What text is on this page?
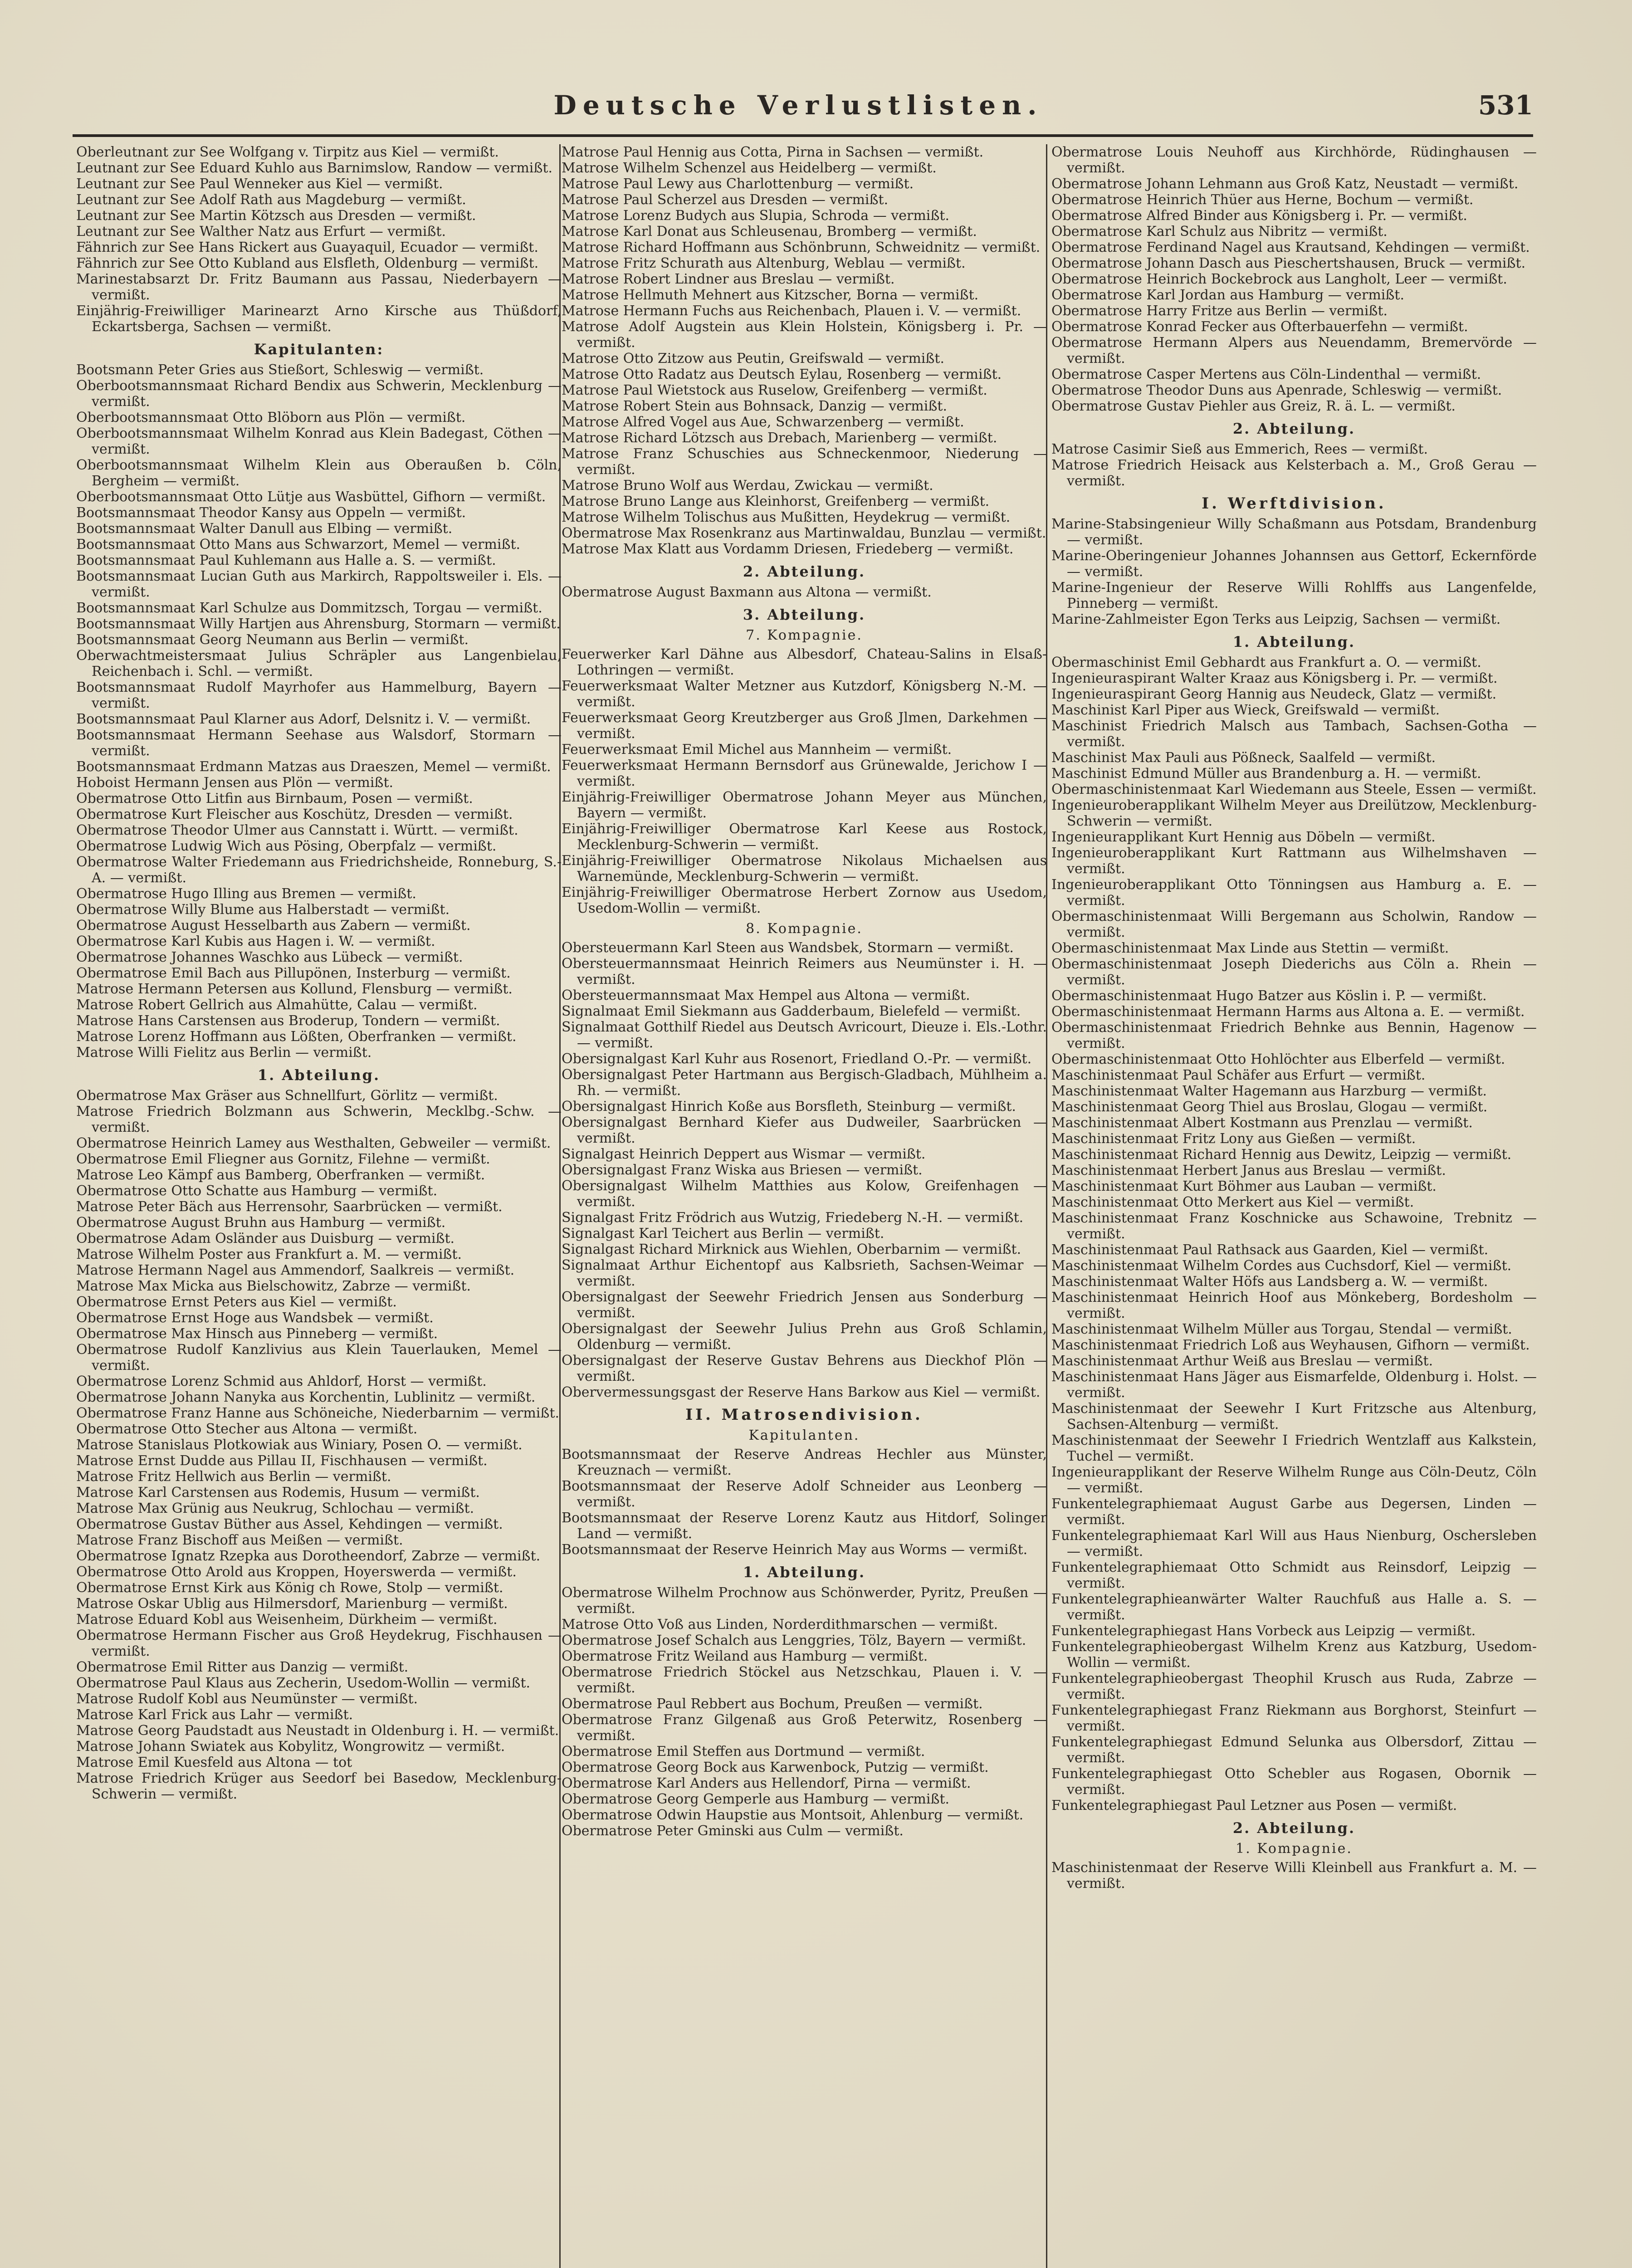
Deutsche Verlustlisten.	531

Oberleutnant zur See Wolfgang v. Tirpitz aus Kiel — vermißt.

Leutnant zur See Eduard Kuhlo aus Barnimslow, Randow — vermißt.

Leutnant zur See Paul Wenneker aus Kiel — vermißt.

Leutnant zur See Adolf Rath aus Magdeburg — vermißt.

Leutnant zur See Martin Kötzsch aus Dresden — vermißt.

Leutnant zur See Walther Natz aus Erfurt — vermißt.

Fähnrich zur See Hans Rickert aus Guayaquil, Ecuador — vermißt.

Fähnrich zur See Otto Kubland aus Elsfleth, Oldenburg — vermißt.

Marinestabsarzt Dr. Fritz Baumann aus Passau, Niederbayern — vermißt.

Einjährig-Freiwilliger Marinearzt Arno Kirsche aus Thüßdorf, Eckartsberga, Sachsen — vermißt.

Kapitulanten:

Bootsmann Peter Gries aus Stießort, Schleswig — vermißt.

Oberbootsmannsmaat Richard Bendix aus Schwerin, Mecklenburg — vermißt.

Oberbootsmannsmaat Otto Blöborn aus Plön — vermißt.

Oberbootsmannsmaat Wilhelm Konrad aus Klein Badegast, Cöthen — vermißt.

Oberbootsmannsmaat Wilhelm Klein aus Oberaußen b. Cöln, Bergheim — vermißt.

Oberbootsmannsmaat Otto Lütje aus Wasbüttel, Gifhorn — vermißt.

Bootsmannsmaat Theodor Kansy aus Oppeln — vermißt.

Bootsmannsmaat Walter Danull aus Elbing — vermißt.

Bootsmannsmaat Otto Mans aus Schwarzort, Memel — vermißt.

Bootsmannsmaat Paul Kuhlemann aus Halle a. S. — vermißt.

Bootsmannsmaat Lucian Guth aus Markirch, Rappoltsweiler i. Els. — vermißt.

Bootsmannsmaat Karl Schulze aus Dommitzsch, Torgau — vermißt.

Bootsmannsmaat Willy Hartjen aus Ahrensburg, Stormarn — vermißt.

Bootsmannsmaat Georg Neumann aus Berlin — vermißt.

Oberwachtmeistersmaat Julius Schräpler aus Langenbielau, Reichenbach i. Schl. — vermißt.

Bootsmannsmaat Rudolf Mayrhofer aus Hammelburg, Bayern — vermißt.

Bootsmannsmaat Paul Klarner aus Adorf, Delsnitz i. V. — vermißt.

Bootsmannsmaat Hermann Seehase aus Walsdorf, Stormarn — vermißt.

Bootsmannsmaat Erdmann Matzas aus Draeszen, Memel — vermißt.

Hoboist Hermann Jensen aus Plön — vermißt.

Obermatrose Otto Litfin aus Birnbaum, Posen — vermißt.

Obermatrose Kurt Fleischer aus Koschütz, Dresden — vermißt.

Obermatrose Theodor Ulmer aus Cannstatt i. Württ. — vermißt.

Obermatrose Ludwig Wich aus Pösing, Oberpfalz — vermißt.

Obermatrose Walter Friedemann aus Friedrichsheide, Ronneburg, S.-A. — vermißt.

Obermatrose Hugo Illing aus Bremen — vermißt.

Obermatrose Willy Blume aus Halberstadt — vermißt.

Obermatrose August Hesselbarth aus Zabern — vermißt.

Obermatrose Karl Kubis aus Hagen i. W. — vermißt.

Obermatrose Johannes Waschko aus Lübeck — vermißt.

Obermatrose Emil Bach aus Pillupönen, Insterburg — vermißt.

Matrose Hermann Petersen aus Kollund, Flensburg — vermißt.

Matrose Robert Gellrich aus Almahütte, Calau — vermißt.

Matrose Hans Carstensen aus Broderup, Tondern — vermißt.

Matrose Lorenz Hoffmann aus Lößten, Oberfranken — vermißt.

Matrose Willi Fielitz aus Berlin — vermißt.

1. Abteilung.

Obermatrose Max Gräser aus Schnellfurt, Görlitz — vermißt.

Matrose Friedrich Bolzmann aus Schwerin, Mecklbg.-Schw. — vermißt.

Obermatrose Heinrich Lamey aus Westhalten, Gebweiler — vermißt.

Obermatrose Emil Fliegner aus Gornitz, Filehne — vermißt.

Matrose Leo Kämpf aus Bamberg, Oberfranken — vermißt.

Obermatrose Otto Schatte aus Hamburg — vermißt.

Matrose Peter Bäch aus Herrensohr, Saarbrücken — vermißt.

Obermatrose August Bruhn aus Hamburg — vermißt.

Obermatrose Adam Osländer aus Duisburg — vermißt.

Matrose Wilhelm Poster aus Frankfurt a. M. — vermißt.

Matrose Hermann Nagel aus Ammendorf, Saalkreis — vermißt.

Matrose Max Micka aus Bielschowitz, Zabrze — vermißt.

Obermatrose Ernst Peters aus Kiel — vermißt.

Obermatrose Ernst Hoge aus Wandsbek — vermißt.

Obermatrose Max Hinsch aus Pinneberg — vermißt.

Obermatrose Rudolf Kanzlivius aus Klein Tauerlauken, Memel — vermißt.

Obermatrose Lorenz Schmid aus Ahldorf, Horst — vermißt.

Obermatrose Johann Nanyka aus Korchentin, Lublinitz — vermißt.

Obermatrose Franz Hanne aus Schöneiche, Niederbarnim — vermißt.

Obermatrose Otto Stecher aus Altona — vermißt.

Matrose Stanislaus Plotkowiak aus Winiary, Posen O. — vermißt.

Matrose Ernst Dudde aus Pillau II, Fischhausen — vermißt.

Matrose Fritz Hellwich aus Berlin — vermißt.

Matrose Karl Carstensen aus Rodemis, Husum — vermißt.

Matrose Max Grünig aus Neukrug, Schlochau — vermißt.

Obermatrose Gustav Büther aus Assel, Kehdingen — vermißt.

Matrose Franz Bischoff aus Meißen — vermißt.

Obermatrose Ignatz Rzepka aus Dorotheendorf, Zabrze — vermißt.

Obermatrose Otto Arold aus Kroppen, Hoyerswerda — vermißt.

Obermatrose Ernst Kirk aus König ch Rowe, Stolp — vermißt.

Matrose Oskar Ublig aus Hilmersdorf, Marienburg — vermißt.

Matrose Eduard Kobl aus Weisenheim, Dürkheim — vermißt.

Obermatrose Hermann Fischer aus Groß Heydekrug, Fischhausen — vermißt.

Obermatrose Emil Ritter aus Danzig — vermißt.

Obermatrose Paul Klaus aus Zecherin, Usedom-Wollin — vermißt.

Matrose Rudolf Kobl aus Neumünster — vermißt.

Matrose Karl Frick aus Lahr — vermißt.

Matrose Georg Paudstadt aus Neustadt in Oldenburg i. H. — vermißt.

Matrose Johann Swiatek aus Kobylitz, Wongrowitz — vermißt.

Matrose Emil Kuesfeld aus Altona — tot

Matrose Friedrich Krüger aus Seedorf bei Basedow, Mecklenburg-Schwerin — vermißt.

Matrose Paul Hennig aus Cotta, Pirna in Sachsen — vermißt.

Matrose Wilhelm Schenzel aus Heidelberg — vermißt.

Matrose Paul Lewy aus Charlottenburg — vermißt.

Matrose Paul Scherzel aus Dresden — vermißt.

Matrose Lorenz Budych aus Slupia, Schroda — vermißt.

Matrose Karl Donat aus Schleusenau, Bromberg — vermißt.

Matrose Richard Hoffmann aus Schönbrunn, Schweidnitz — vermißt.

Matrose Fritz Schurath aus Altenburg, Weblau — vermißt.

Matrose Robert Lindner aus Breslau — vermißt.

Matrose Hellmuth Mehnert aus Kitzscher, Borna — vermißt.

Matrose Hermann Fuchs aus Reichenbach, Plauen i. V. — vermißt.

Matrose Adolf Augstein aus Klein Holstein, Königsberg i. Pr. — vermißt.

Matrose Otto Zitzow aus Peutin, Greifswald — vermißt.

Matrose Otto Radatz aus Deutsch Eylau, Rosenberg — vermißt.

Matrose Paul Wietstock aus Ruselow, Greifenberg — vermißt.

Matrose Robert Stein aus Bohnsack, Danzig — vermißt.

Matrose Alfred Vogel aus Aue, Schwarzenberg — vermißt.

Matrose Richard Lötzsch aus Drebach, Marienberg — vermißt.

Matrose Franz Schuschies aus Schneckenmoor, Niederung — vermißt.

Matrose Bruno Wolf aus Werdau, Zwickau — vermißt.

Matrose Bruno Lange aus Kleinhorst, Greifenberg — vermißt.

Matrose Wilhelm Tolischus aus Mußitten, Heydekrug — vermißt.

Obermatrose Max Rosenkranz aus Martinwaldau, Bunzlau — vermißt.

Matrose Max Klatt aus Vordamm Driesen, Friedeberg — vermißt.

2. Abteilung.

Obermatrose August Baxmann aus Altona — vermißt.

3. Abteilung.
7. Kompagnie.

Feuerwerker Karl Dähne aus Albesdorf, Chateau-Salins in Elsaß-Lothringen — vermißt.

Feuerwerksmaat Walter Metzner aus Kutzdorf, Königsberg N.-M. — vermißt.

Feuerwerksmaat Georg Kreutzberger aus Groß Jlmen, Darkehmen — vermißt.

Feuerwerksmaat Emil Michel aus Mannheim — vermißt.

Feuerwerksmaat Hermann Bernsdorf aus Grünewalde, Jerichow I — vermißt.

Einjährig-Freiwilliger Obermatrose Johann Meyer aus München, Bayern — vermißt.

Einjährig-Freiwilliger Obermatrose Karl Keese aus Rostock, Mecklenburg-Schwerin — vermißt.

Einjährig-Freiwilliger Obermatrose Nikolaus Michaelsen aus Warnemünde, Mecklenburg-Schwerin — vermißt.

Einjährig-Freiwilliger Obermatrose Herbert Zornow aus Usedom, Usedom-Wollin — vermißt.

8. Kompagnie.

Obersteuermann Karl Steen aus Wandsbek, Stormarn — vermißt.

Obersteuermannsmaat Heinrich Reimers aus Neumünster i. H. — vermißt.

Obersteuermannsmaat Max Hempel aus Altona — vermißt.

Signalmaat Emil Siekmann aus Gadderbaum, Bielefeld — vermißt.

Signalmaat Gotthilf Riedel aus Deutsch Avricourt, Dieuze i. Els.-Lothr. — vermißt.

Obersignalgast Karl Kuhr aus Rosenort, Friedland O.-Pr. — vermißt.

Obersignalgast Peter Hartmann aus Bergisch-Gladbach, Mühlheim a. Rh. — vermißt.

Obersignalgast Hinrich Koße aus Borsfleth, Steinburg — vermißt.

Obersignalgast Bernhard Kiefer aus Dudweiler, Saarbrücken — vermißt.

Signalgast Heinrich Deppert aus Wismar — vermißt.

Obersignalgast Franz Wiska aus Briesen — vermißt.

Obersignalgast Wilhelm Matthies aus Kolow, Greifenhagen — vermißt.

Signalgast Fritz Frödrich aus Wutzig, Friedeberg N.-H. — vermißt.

Signalgast Karl Teichert aus Berlin — vermißt.

Signalgast Richard Mirknick aus Wiehlen, Oberbarnim — vermißt.

Signalmaat Arthur Eichentopf aus Kalbsrieth, Sachsen-Weimar — vermißt.

Obersignalgast der Seewehr Friedrich Jensen aus Sonderburg — vermißt.

Obersignalgast der Seewehr Julius Prehn aus Groß Schlamin, Oldenburg — vermißt.

Obersignalgast der Reserve Gustav Behrens aus Dieckhof Plön — vermißt.

Obervermessungsgast der Reserve Hans Barkow aus Kiel — vermißt.

II. Matrosendivision.
Kapitulanten.

Bootsmannsmaat der Reserve Andreas Hechler aus Münster, Kreuznach — vermißt.

Bootsmannsmaat der Reserve Adolf Schneider aus Leonberg — vermißt.

Bootsmannsmaat der Reserve Lorenz Kautz aus Hitdorf, Solinger Land — vermißt.

Bootsmannsmaat der Reserve Heinrich May aus Worms — vermißt.

1. Abteilung.

Obermatrose Wilhelm Prochnow aus Schönwerder, Pyritz, Preußen — vermißt.

Matrose Otto Voß aus Linden, Norderdithmarschen — vermißt.

Obermatrose Josef Schalch aus Lenggries, Tölz, Bayern — vermißt.

Obermatrose Fritz Weiland aus Hamburg — vermißt.

Obermatrose Friedrich Stöckel aus Netzschkau, Plauen i. V. — vermißt.

Obermatrose Paul Rebbert aus Bochum, Preußen — vermißt.

Obermatrose Franz Gilgenaß aus Groß Peterwitz, Rosenberg — vermißt.

Obermatrose Emil Steffen aus Dortmund — vermißt.

Obermatrose Georg Bock aus Karwenbock, Putzig — vermißt.

Obermatrose Karl Anders aus Hellendorf, Pirna — vermißt.

Obermatrose Georg Gemperle aus Hamburg — vermißt.

Obermatrose Odwin Haupstie aus Montsoit, Ahlenburg — vermißt.

Obermatrose Peter Gminski aus Culm — vermißt.

Obermatrose Louis Neuhoff aus Kirchhörde, Rüdinghausen — vermißt.

Obermatrose Johann Lehmann aus Groß Katz, Neustadt — vermißt.

Obermatrose Heinrich Thüer aus Herne, Bochum — vermißt.

Obermatrose Alfred Binder aus Königsberg i. Pr. — vermißt.

Obermatrose Karl Schulz aus Nibritz — vermißt.

Obermatrose Ferdinand Nagel aus Krautsand, Kehdingen — vermißt.

Obermatrose Johann Dasch aus Pieschertshausen, Bruck — vermißt.

Obermatrose Heinrich Bockebrock aus Langholt, Leer — vermißt.

Obermatrose Karl Jordan aus Hamburg — vermißt.

Obermatrose Harry Fritze aus Berlin — vermißt.

Obermatrose Konrad Fecker aus Ofterbauerfehn — vermißt.

Obermatrose Hermann Alpers aus Neuendamm, Bremervörde — vermißt.

Obermatrose Casper Mertens aus Cöln-Lindenthal — vermißt.

Obermatrose Theodor Duns aus Apenrade, Schleswig — vermißt.

Obermatrose Gustav Piehler aus Greiz, R. ä. L. — vermißt.

2. Abteilung.

Matrose Casimir Sieß aus Emmerich, Rees — vermißt.

Matrose Friedrich Heisack aus Kelsterbach a. M., Groß Gerau — vermißt.

I. Werftdivision.

Marine-Stabsingenieur Willy Schaßmann aus Potsdam, Brandenburg — vermißt.

Marine-Oberingenieur Johannes Johannsen aus Gettorf, Eckernförde — vermißt.

Marine-Ingenieur der Reserve Willi Rohlffs aus Langenfelde, Pinneberg — vermißt.

Marine-Zahlmeister Egon Terks aus Leipzig, Sachsen — vermißt.

1. Abteilung.

Obermaschinist Emil Gebhardt aus Frankfurt a. O. — vermißt.

Ingenieuraspirant Walter Kraaz aus Königsberg i. Pr. — vermißt.

Ingenieuraspirant Georg Hannig aus Neudeck, Glatz — vermißt.

Maschinist Karl Piper aus Wieck, Greifswald — vermißt.

Maschinist Friedrich Malsch aus Tambach, Sachsen-Gotha — vermißt.

Maschinist Max Pauli aus Pößneck, Saalfeld — vermißt.

Maschinist Edmund Müller aus Brandenburg a. H. — vermißt.

Obermaschinistenmaat Karl Wiedemann aus Steele, Essen — vermißt.

Ingenieuroberapplikant Wilhelm Meyer aus Dreilützow, Mecklenburg-Schwerin — vermißt.

Ingenieurapplikant Kurt Hennig aus Döbeln — vermißt.

Ingenieuroberapplikant Kurt Rattmann aus Wilhelmshaven — vermißt.

Ingenieuroberapplikant Otto Tönningsen aus Hamburg a. E. — vermißt.

Obermaschinistenmaat Willi Bergemann aus Scholwin, Randow — vermißt.

Obermaschinistenmaat Max Linde aus Stettin — vermißt.

Obermaschinistenmaat Joseph Diederichs aus Cöln a. Rhein — vermißt.

Obermaschinistenmaat Hugo Batzer aus Köslin i. P. — vermißt.

Obermaschinistenmaat Hermann Harms aus Altona a. E. — vermißt.

Obermaschinistenmaat Friedrich Behnke aus Bennin, Hagenow — vermißt.

Obermaschinistenmaat Otto Hohlöchter aus Elberfeld — vermißt.

Maschinistenmaat Paul Schäfer aus Erfurt — vermißt.

Maschinistenmaat Walter Hagemann aus Harzburg — vermißt.

Maschinistenmaat Georg Thiel aus Broslau, Glogau — vermißt.

Maschinistenmaat Albert Kostmann aus Prenzlau — vermißt.

Maschinistenmaat Fritz Lony aus Gießen — vermißt.

Maschinistenmaat Richard Hennig aus Dewitz, Leipzig — vermißt.

Maschinistenmaat Herbert Janus aus Breslau — vermißt.

Maschinistenmaat Kurt Böhmer aus Lauban — vermißt.

Maschinistenmaat Otto Merkert aus Kiel — vermißt.

Maschinistenmaat Franz Koschnicke aus Schawoine, Trebnitz — vermißt.

Maschinistenmaat Paul Rathsack aus Gaarden, Kiel — vermißt.

Maschinistenmaat Wilhelm Cordes aus Cuchsdorf, Kiel — vermißt.

Maschinistenmaat Walter Höfs aus Landsberg a. W. — vermißt.

Maschinistenmaat Heinrich Hoof aus Mönkeberg, Bordesholm — vermißt.

Maschinistenmaat Wilhelm Müller aus Torgau, Stendal — vermißt.

Maschinistenmaat Friedrich Loß aus Weyhausen, Gifhorn — vermißt.

Maschinistenmaat Arthur Weiß aus Breslau — vermißt.

Maschinistenmaat Hans Jäger aus Eismarfelde, Oldenburg i. Holst. — vermißt.

Maschinistenmaat der Seewehr I Kurt Fritzsche aus Altenburg, Sachsen-Altenburg — vermißt.

Maschinistenmaat der Seewehr I Friedrich Wentzlaff aus Kalkstein, Tuchel — vermißt.

Ingenieurapplikant der Reserve Wilhelm Runge aus Cöln-Deutz, Cöln — vermißt.

Funkentelegraphiemaat August Garbe aus Degersen, Linden — vermißt.

Funkentelegraphiemaat Karl Will aus Haus Nienburg, Oschersleben — vermißt.

Funkentelegraphiemaat Otto Schmidt aus Reinsdorf, Leipzig — vermißt.

Funkentelegraphieanwärter Walter Rauchfuß aus Halle a. S. — vermißt.

Funkentelegraphiegast Hans Vorbeck aus Leipzig — vermißt.

Funkentelegraphieobergast Wilhelm Krenz aus Katzburg, Usedom-Wollin — vermißt.

Funkentelegraphieobergast Theophil Krusch aus Ruda, Zabrze — vermißt.

Funkentelegraphiegast Franz Riekmann aus Borghorst, Steinfurt — vermißt.

Funkentelegraphiegast Edmund Selunka aus Olbersdorf, Zittau — vermißt.

Funkentelegraphiegast Otto Schebler aus Rogasen, Obornik — vermißt.

Funkentelegraphiegast Paul Letzner aus Posen — vermißt.

2. Abteilung.
1. Kompagnie.

Maschinistenmaat der Reserve Willi Kleinbell aus Frankfurt a. M. — vermißt.
